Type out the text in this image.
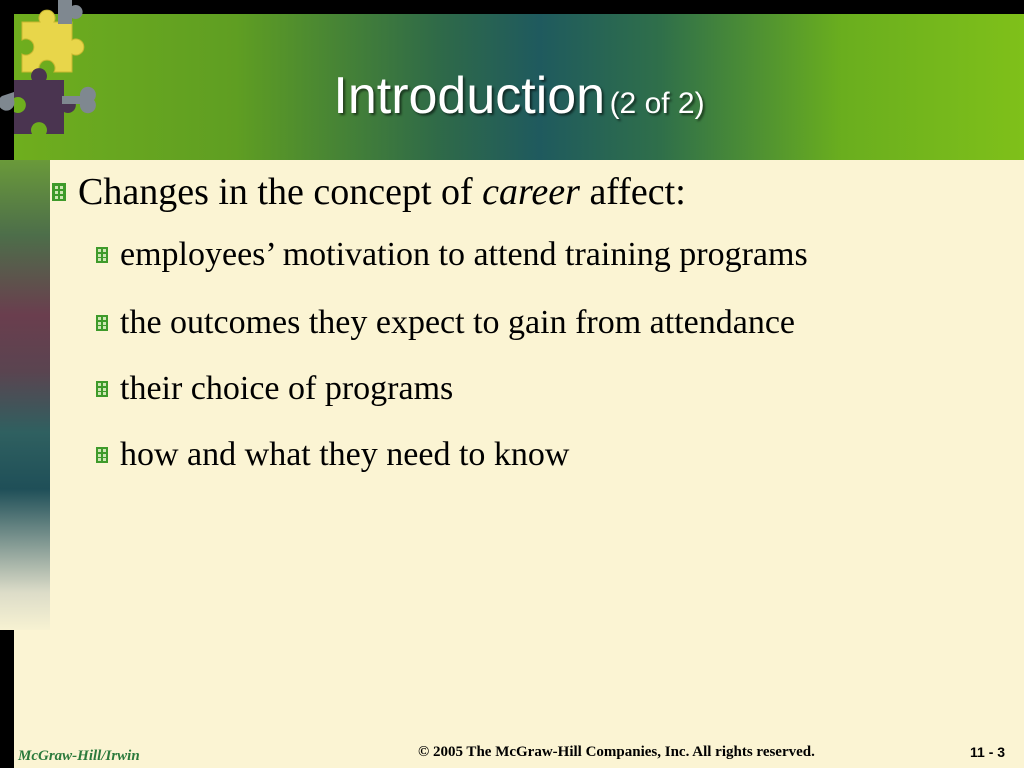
Introduction (2 of 2)
Changes in the concept of career affect:
employees’ motivation to attend training programs
the outcomes they expect to gain from attendance
their choice of programs
how and what they need to know
McGraw-Hill/Irwin	© 2005 The McGraw-Hill Companies, Inc. All rights reserved.	11 - 3
